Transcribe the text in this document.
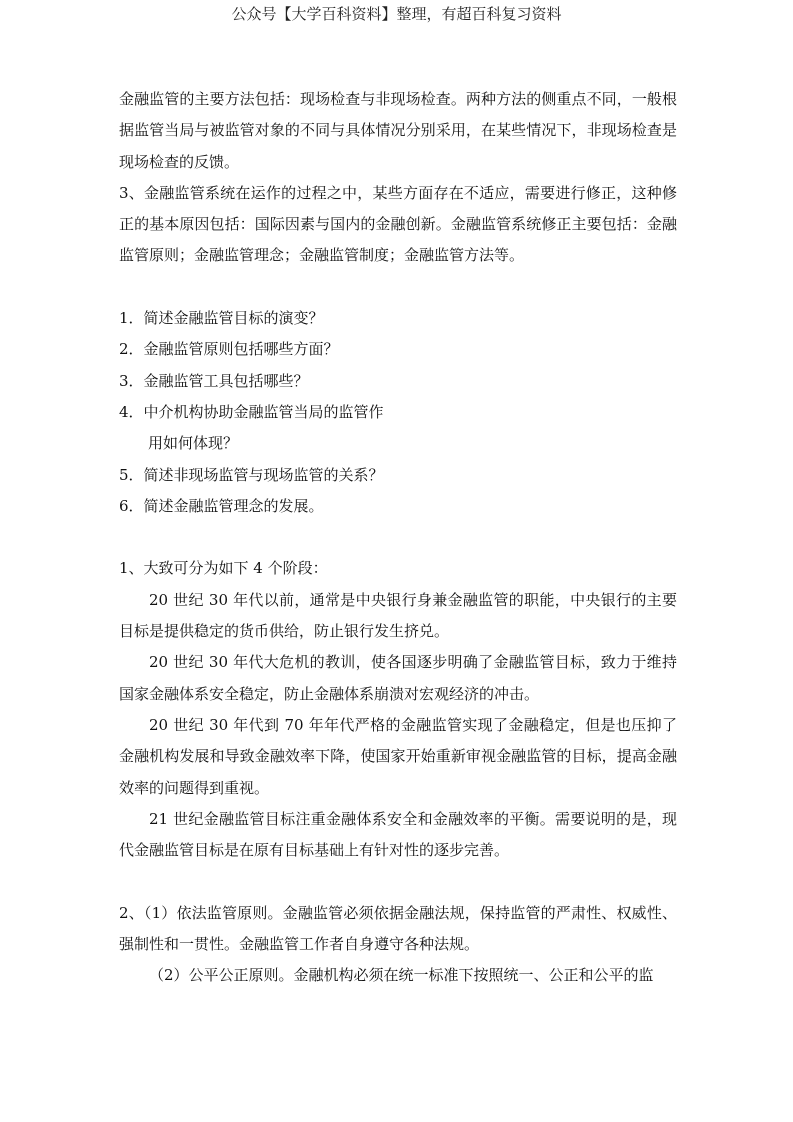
公众号【大学百科资料】整理，有超百科复习资料

金融监管的主要方法包括：现场检查与非现场检查。两种方法的侧重点不同，一般根据监管当局与被监管对象的不同与具体情况分别采用，在某些情况下，非现场检查是现场检查的反馈。

3、金融监管系统在运作的过程之中，某些方面存在不适应，需要进行修正，这种修正的基本原因包括：国际因素与国内的金融创新。金融监管系统修正主要包括：金融监管原则；金融监管理念；金融监管制度；金融监管方法等。

1．简述金融监管目标的演变？

2．金融监管原则包括哪些方面？

3．金融监管工具包括哪些？

4．中介机构协助金融监管当局的监管作

用如何体现？

5．简述非现场监管与现场监管的关系？

6．简述金融监管理念的发展。

1、大致可分为如下 4 个阶段：

20 世纪 30 年代以前，通常是中央银行身兼金融监管的职能，中央银行的主要目标是提供稳定的货币供给，防止银行发生挤兑。

20 世纪 30 年代大危机的教训，使各国逐步明确了金融监管目标，致力于维持国家金融体系安全稳定，防止金融体系崩溃对宏观经济的冲击。

20 世纪 30 年代到 70 年年代严格的金融监管实现了金融稳定，但是也压抑了金融机构发展和导致金融效率下降，使国家开始重新审视金融监管的目标，提高金融效率的问题得到重视。

21 世纪金融监管目标注重金融体系安全和金融效率的平衡。需要说明的是，现代金融监管目标是在原有目标基础上有针对性的逐步完善。

2、（1）依法监管原则。金融监管必须依据金融法规，保持监管的严肃性、权威性、强制性和一贯性。金融监管工作者自身遵守各种法规。

（2）公平公正原则。金融机构必须在统一标准下按照统一、公正和公平的监
